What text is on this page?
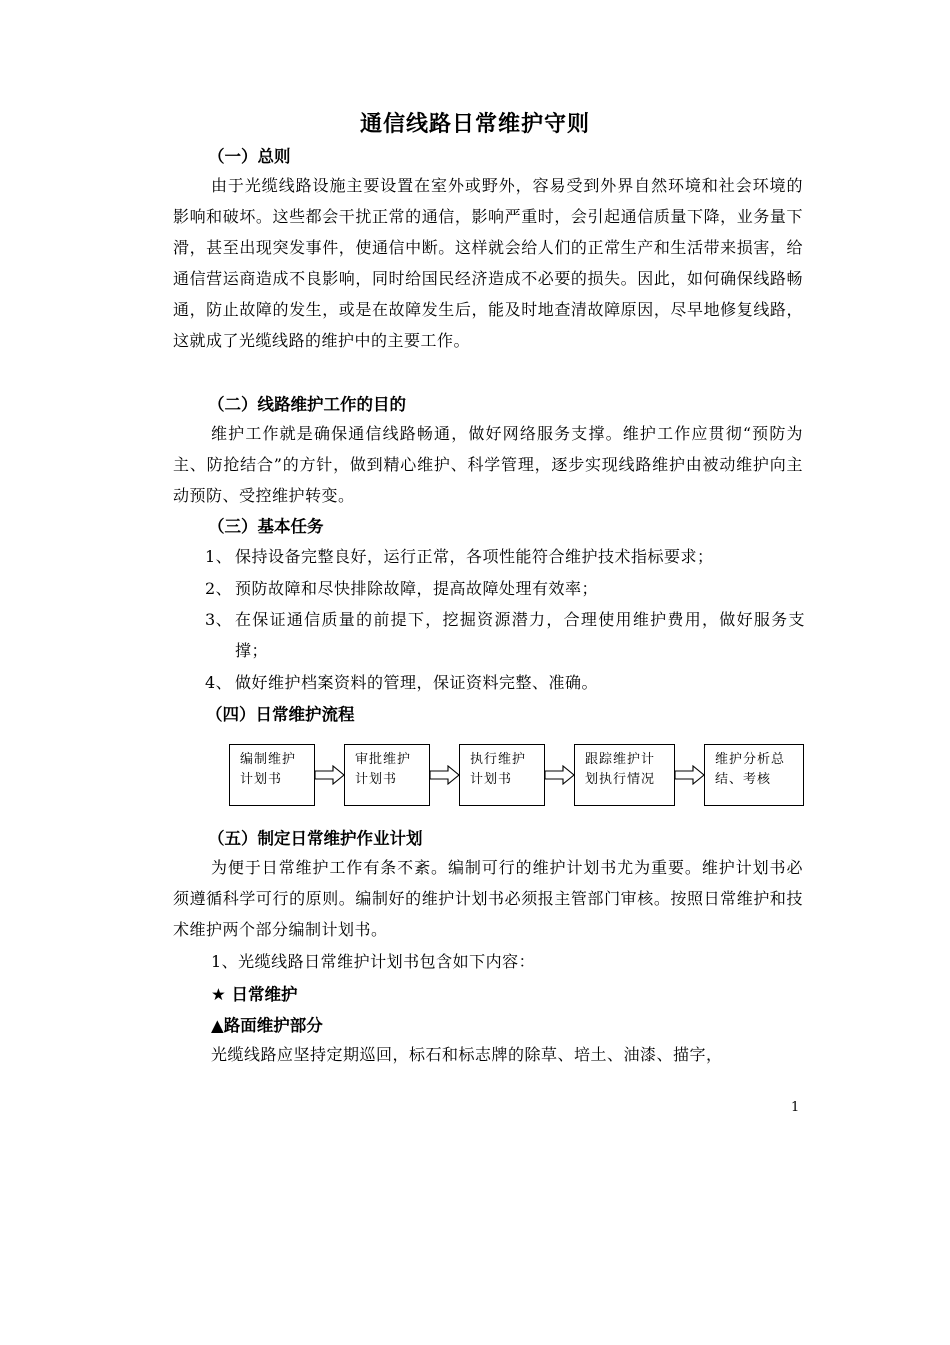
通信线路日常维护守则
（一）总则
由于光缆线路设施主要设置在室外或野外，容易受到外界自然环境和社会环境的影响和破坏。这些都会干扰正常的通信，影响严重时，会引起通信质量下降，业务量下滑，甚至出现突发事件，使通信中断。这样就会给人们的正常生产和生活带来损害，给通信营运商造成不良影响，同时给国民经济造成不必要的损失。因此，如何确保线路畅通，防止故障的发生，或是在故障发生后，能及时地查清故障原因，尽早地修复线路，这就成了光缆线路的维护中的主要工作。
（二）线路维护工作的目的
维护工作就是确保通信线路畅通，做好网络服务支撑。维护工作应贯彻“预防为主、防抢结合”的方针，做到精心维护、科学管理，逐步实现线路维护由被动维护向主动预防、受控维护转变。
（三）基本任务
1、 保持设备完整良好，运行正常，各项性能符合维护技术指标要求；
2、 预防故障和尽快排除故障，提高故障处理有效率；
3、 在保证通信质量的前提下，挖掘资源潜力，合理使用维护费用，做好服务支撑；
4、 做好维护档案资料的管理，保证资料完整、准确。
（四）日常维护流程
编制维护计划书
审批维护计划书
执行维护计划书
跟踪维护计划执行情况
维护分析总结、考核
（五）制定日常维护作业计划
为便于日常维护工作有条不紊。编制可行的维护计划书尤为重要。维护计划书必须遵循科学可行的原则。编制好的维护计划书必须报主管部门审核。按照日常维护和技术维护两个部分编制计划书。
1、光缆线路日常维护计划书包含如下内容：
★ 日常维护
▲路面维护部分
光缆线路应坚持定期巡回，标石和标志牌的除草、培土、油漆、描字，
1
